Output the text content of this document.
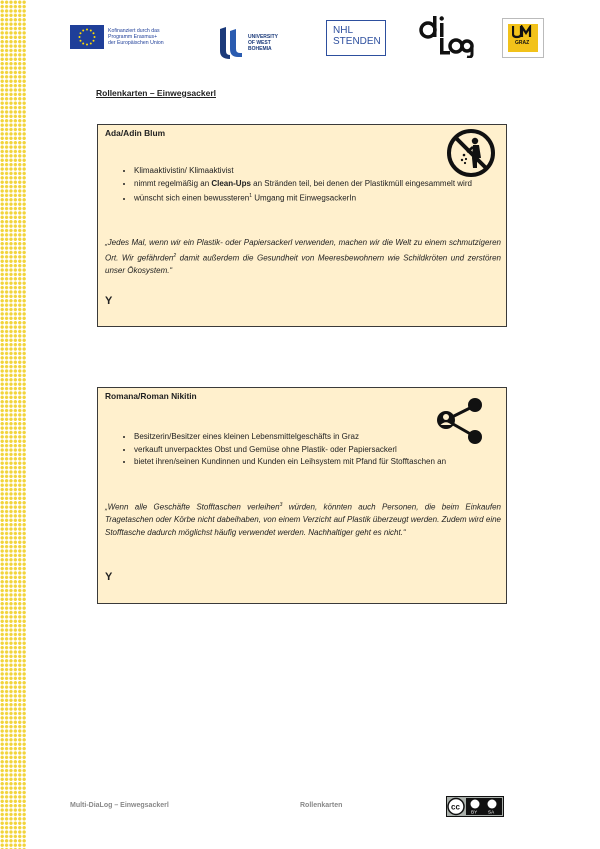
Kofinanziert durch das
Programm Erasmus+
der Europäischen Union
UNIVERSITY
OF WEST
BOHEMIA
NHL
STENDEN	GRAZ
Rollenkarten – Einwegsackerl
Ada/Adin Blum
• Klimaaktivistin/ Klimaaktivist
• nimmt regelmäßig an Clean-Ups an Stränden teil, bei denen der Plastikmüll eingesammelt wird
• wünscht sich einen bewussteren$^1$ Umgang mit EinwegsackerIn
„Jedes Mal, wenn wir ein Plastik- oder Papiersackerl verwenden, machen wir die Welt zu einem schmutzigeren Ort. Wir gefährden$^2$ damit außerdem die Gesundheit von Meeresbewohnern wie Schildkröten und zerstören unser Ökosystem.“
Y
Romana/Roman Nikitin
• Besitzerin/Besitzer eines kleinen Lebensmittelgeschäfts in Graz
• verkauft unverpacktes Obst und Gemüse ohne Plastik- oder Papiersackerl
• bietet ihren/seinen Kundinnen und Kunden ein Leihsystem mit Pfand für Stofftaschen an
„Wenn alle Geschäfte Stofftaschen verleihen$^3$ würden, könnten auch Personen, die beim Einkaufen Tragetaschen oder Körbe nicht dabeihaben, von einem Verzicht auf Plastik überzeugt werden. Zudem wird eine Stofftasche dadurch möglichst häufig verwendet werden. Nachhaltiger geht es nicht.“
Y
Multi-DiaLog – Einwegsackerl	Rollenkarten	cc
BY SA
